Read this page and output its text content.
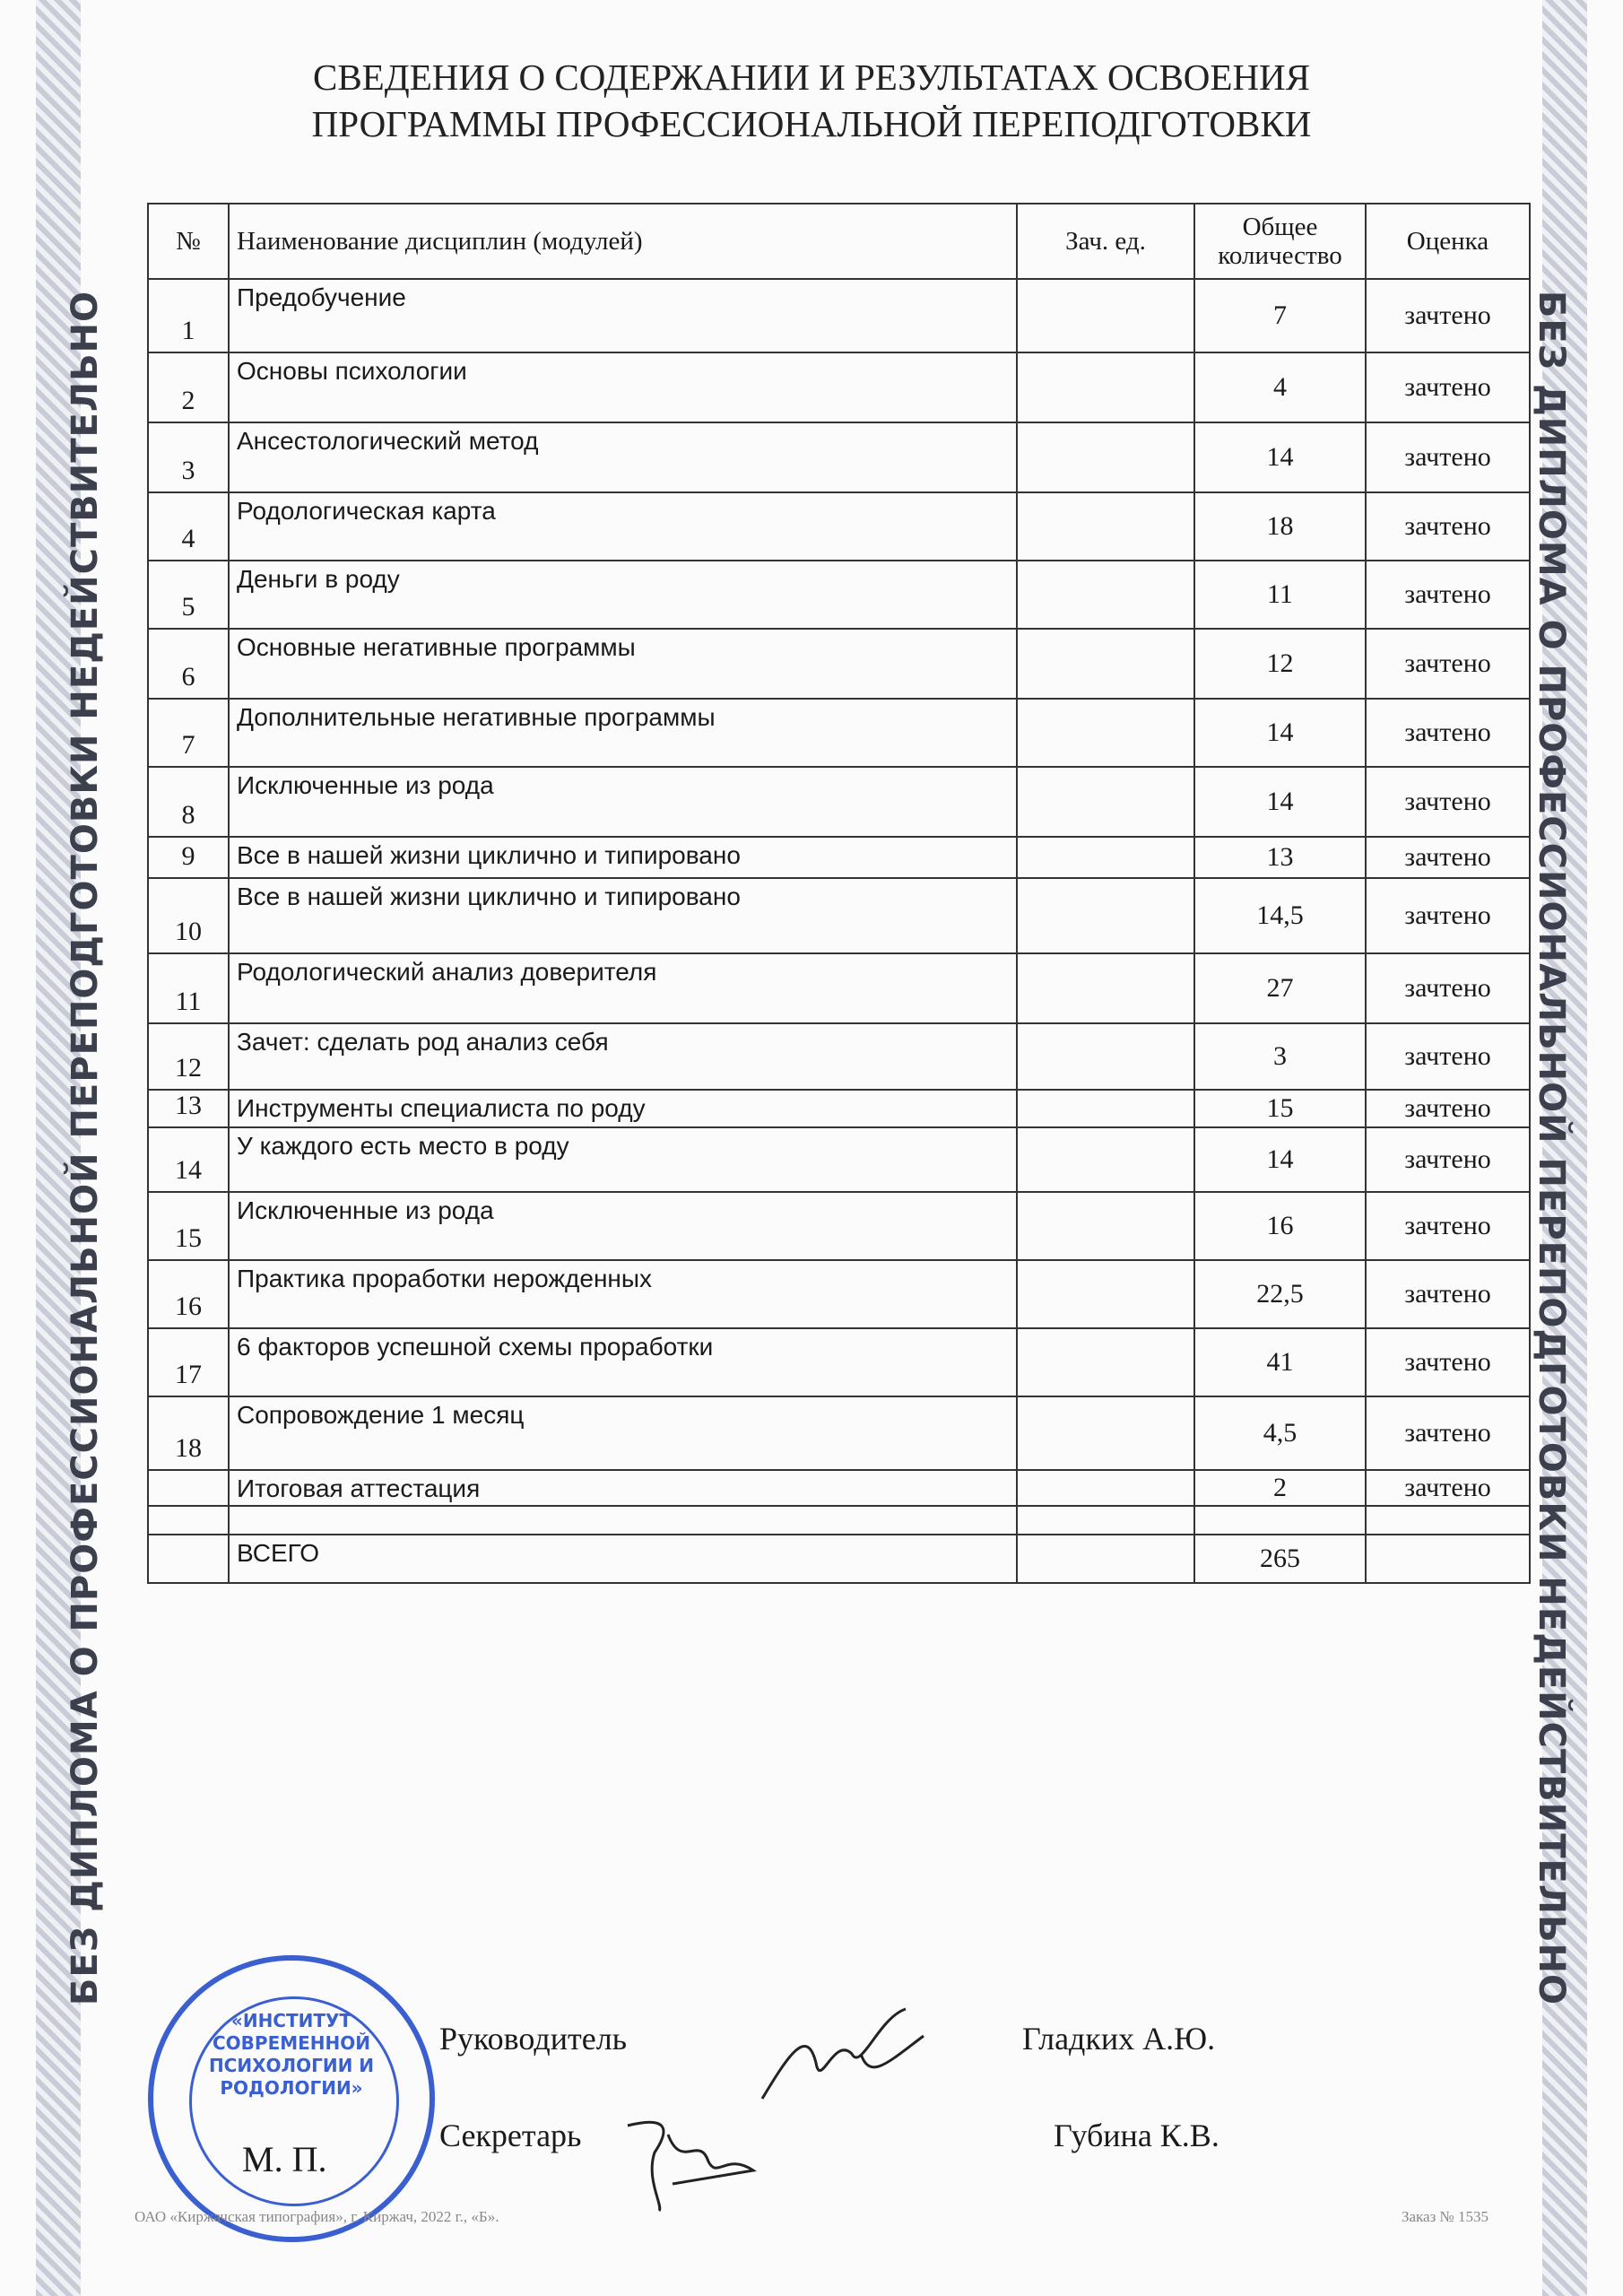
БЕЗ ДИПЛОМА О ПРОФЕССИОНАЛЬНОЙ ПЕРЕПОДГОТОВКИ НЕДЕЙСТВИТЕЛЬНО	БЕЗ ДИПЛОМА О ПРОФЕССИОНАЛЬНОЙ ПЕРЕПОДГОТОВКИ НЕДЕЙСТВИТЕЛЬНО
СВЕДЕНИЯ О СОДЕРЖАНИИ И РЕЗУЛЬТАТАХ ОСВОЕНИЯ
ПРОГРАММЫ ПРОФЕССИОНАЛЬНОЙ ПЕРЕПОДГОТОВКИ
№	Наименование дисциплин (модулей)	Зач. ед.	Общее количество	Оценка
1	Предобучение		7	зачтено
2	Основы психологии		4	зачтено
3	Ансестологический метод		14	зачтено
4	Родологическая карта		18	зачтено
5	Деньги в роду		11	зачтено
6	Основные негативные программы		12	зачтено
7	Дополнительные негативные программы		14	зачтено
8	Исключенные из рода		14	зачтено
9	Все в нашей жизни циклично и типировано		13	зачтено
10	Все в нашей жизни циклично и типировано		14,5	зачтено
11	Родологический анализ доверителя		27	зачтено
12	Зачет: сделать род анализ себя		3	зачтено
13	Инструменты специалиста по роду		15	зачтено
14	У каждого есть место в роду		14	зачтено
15	Исключенные из рода		16	зачтено
16	Практика проработки нерожденных		22,5	зачтено
17	6 факторов успешной схемы проработки		41	зачтено
18	Сопровождение 1 месяц		4,5	зачтено
	Итоговая аттестация		2	зачтено

	ВСЕГО		265	
«ИНСТИТУТ СОВРЕМЕННОЙ ПСИХОЛОГИИ И РОДОЛОГИИ»
М. П.
Руководитель	Гладких А.Ю.
Секретарь	Губина К.В.
ОАО «Киржачская типография», г. Киржач, 2022 г., «Б».	Заказ № 1535
